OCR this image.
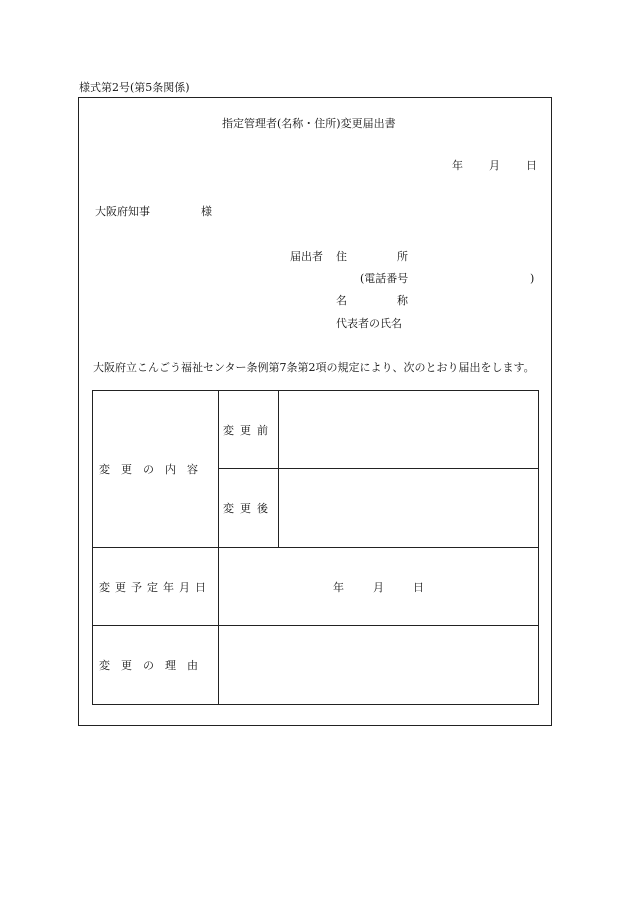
様式第2号(第5条関係)
指定管理者(名称・住所)変更届出書
年 月 日
大阪府知事	様
届出者 住	所
(電話番号	)
名	称
代表者の氏名
大阪府立こんごう福祉センター条例第7条第2項の規定により、次のとおり届出をします。
変更の内容	変更前	
	変更後	
変更予定年月日	年 月 日	
変更の理由		
